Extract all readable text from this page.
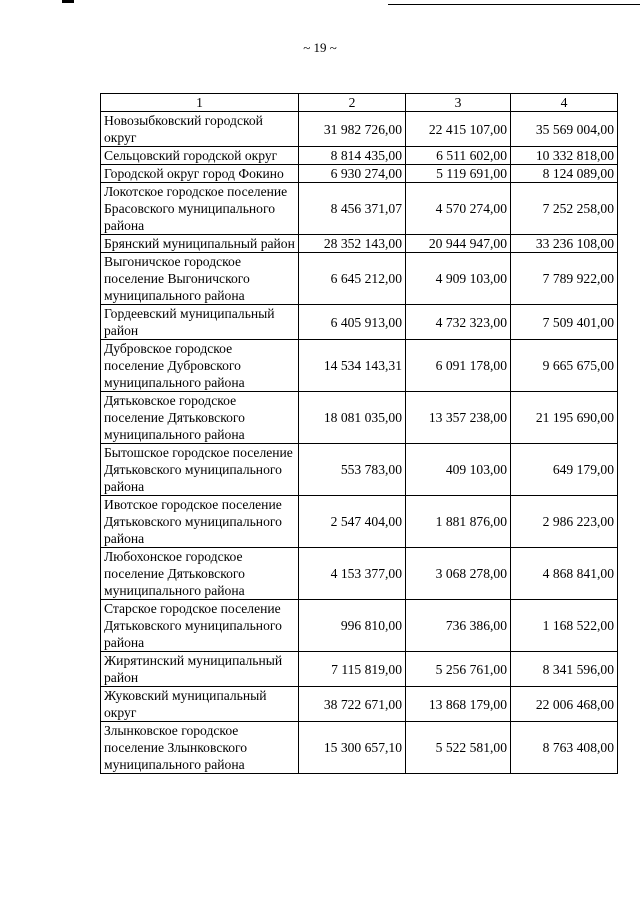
~ 19 ~
1	2	3	4
Новозыбковский городской округ	31 982 726,00	22 415 107,00	35 569 004,00
Сельцовский городской округ	8 814 435,00	6 511 602,00	10 332 818,00
Городской округ город Фокино	6 930 274,00	5 119 691,00	8 124 089,00
Локотское городское поселение Брасовского муниципального района	8 456 371,07	4 570 274,00	7 252 258,00
Брянский муниципальный район	28 352 143,00	20 944 947,00	33 236 108,00
Выгоничское городское поселение Выгоничского муниципального района	6 645 212,00	4 909 103,00	7 789 922,00
Гордеевский муниципальный район	6 405 913,00	4 732 323,00	7 509 401,00
Дубровское городское поселение Дубровского муниципального района	14 534 143,31	6 091 178,00	9 665 675,00
Дятьковское городское поселение Дятьковского муниципального района	18 081 035,00	13 357 238,00	21 195 690,00
Бытошское городское поселение Дятьковского муниципального района	553 783,00	409 103,00	649 179,00
Ивотское городское поселение Дятьковского муниципального района	2 547 404,00	1 881 876,00	2 986 223,00
Любохонское городское поселение Дятьковского муниципального района	4 153 377,00	3 068 278,00	4 868 841,00
Старское городское поселение Дятьковского муниципального района	996 810,00	736 386,00	1 168 522,00
Жирятинский муниципальный район	7 115 819,00	5 256 761,00	8 341 596,00
Жуковский муниципальный округ	38 722 671,00	13 868 179,00	22 006 468,00
Злынковское городское поселение Злынковского муниципального района	15 300 657,10	5 522 581,00	8 763 408,00
